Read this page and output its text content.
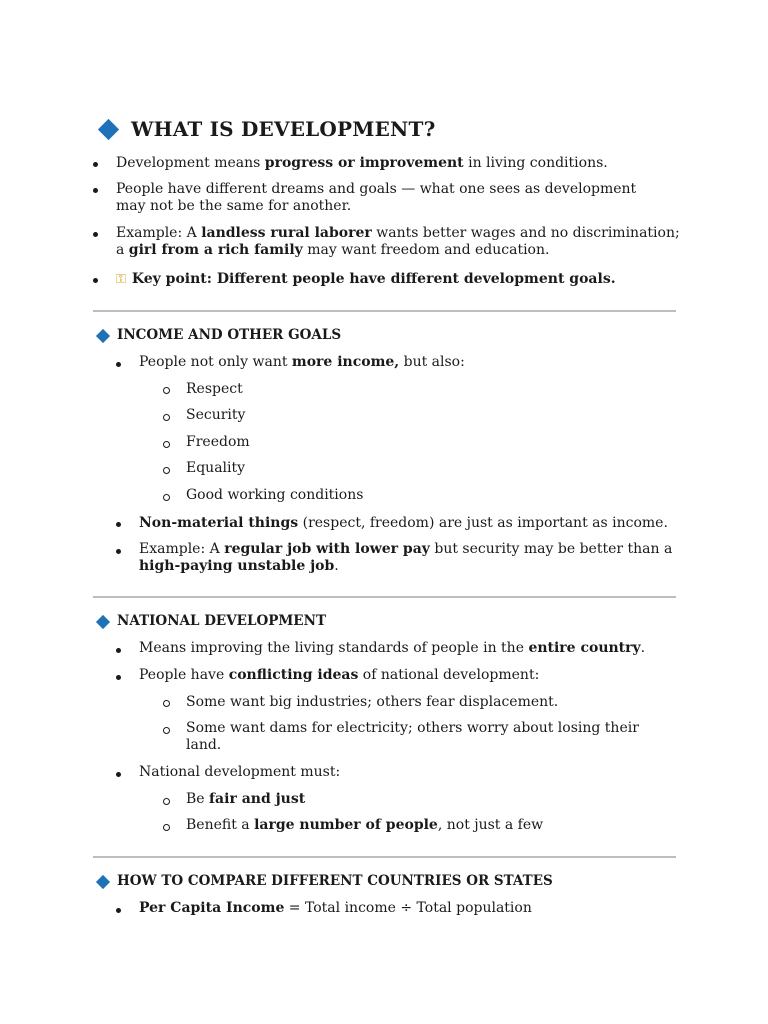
WHAT IS DEVELOPMENT?
Development means progress or improvement in living conditions.
People have different dreams and goals — what one sees as development
may not be the same for another.
Example: A landless rural laborer wants better wages and no discrimination;
a girl from a rich family may want freedom and education.
⚿ Key point: Different people have different development goals.
INCOME AND OTHER GOALS
People not only want more income, but also:
Respect
Security
Freedom
Equality
Good working conditions
Non-material things (respect, freedom) are just as important as income.
Example: A regular job with lower pay but security may be better than a
high-paying unstable job.
NATIONAL DEVELOPMENT
Means improving the living standards of people in the entire country.
People have conflicting ideas of national development:
Some want big industries; others fear displacement.
Some want dams for electricity; others worry about losing their
land.
National development must:
Be fair and just
Benefit a large number of people, not just a few
HOW TO COMPARE DIFFERENT COUNTRIES OR STATES
Per Capita Income = Total income ÷ Total population
